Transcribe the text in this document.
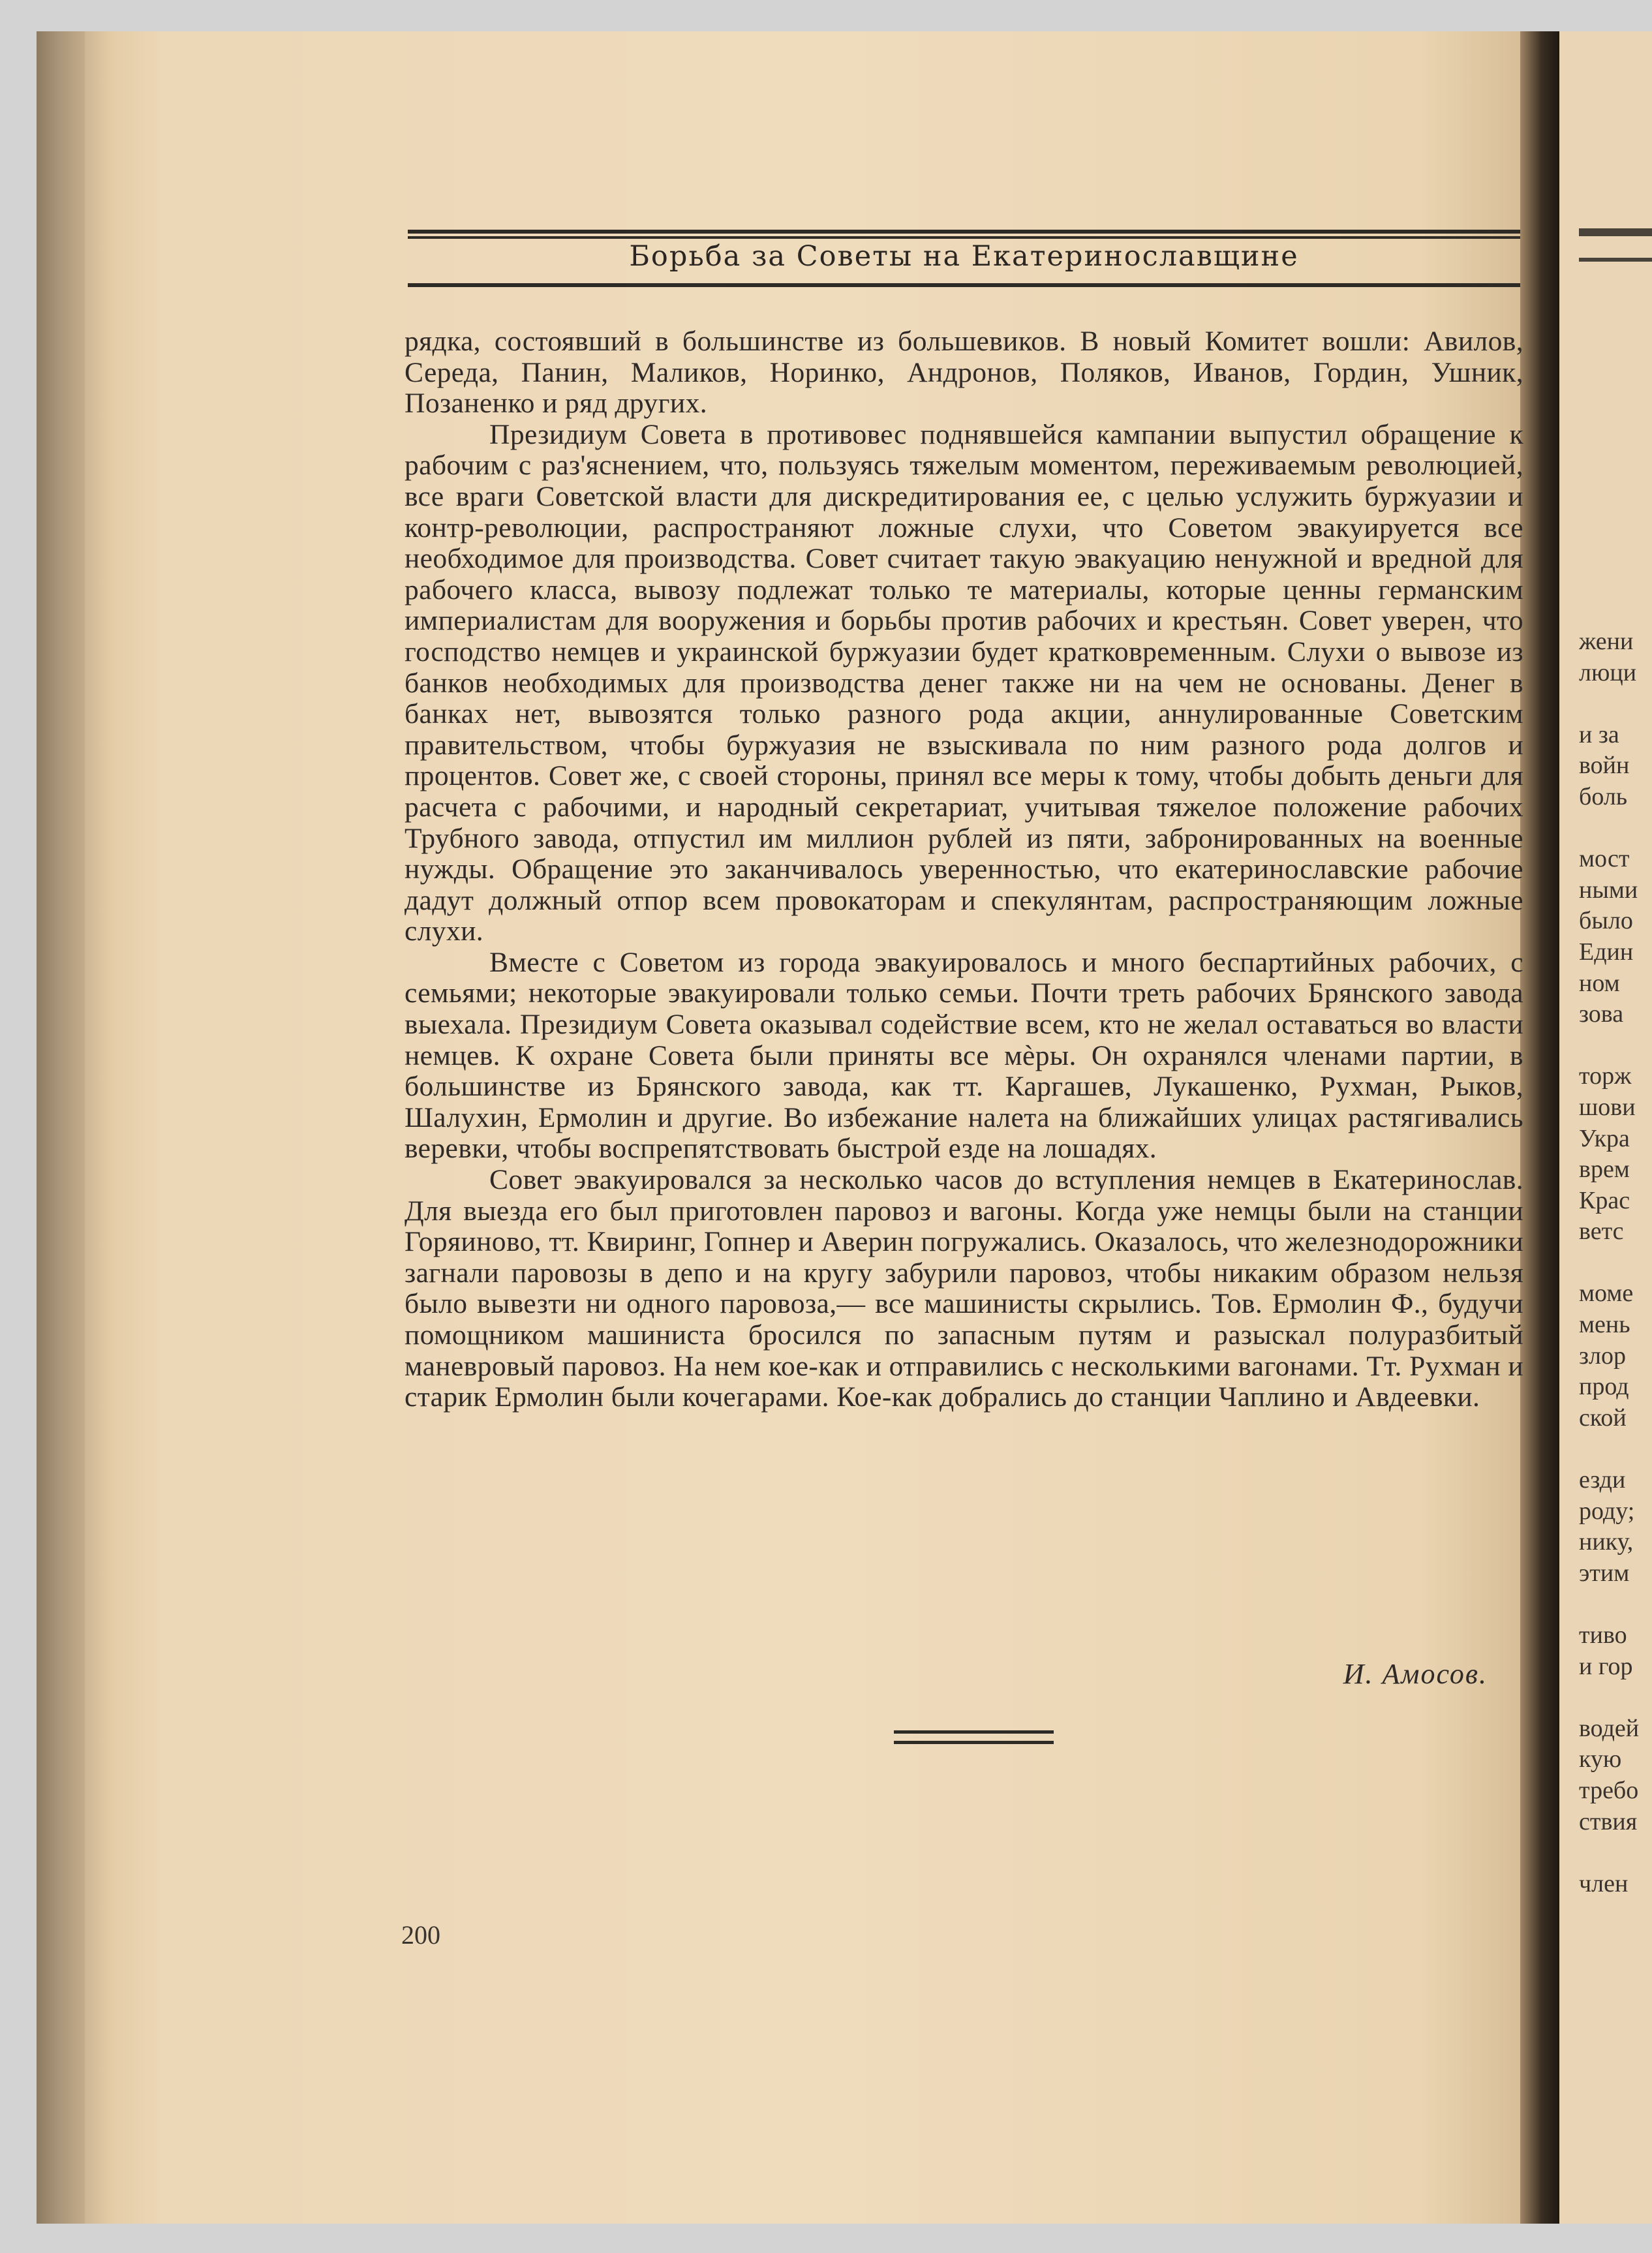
Борьба за Советы на Екатеринославщине

рядка, состоявший в большинстве из большевиков. В новый Комитет вошли: Авилов, Середа, Панин, Маликов, Норинко, Андронов, Поляков, Иванов, Гордин, Ушник, Позаненко и ряд других.

Президиум Совета в противовес поднявшейся кампании выпустил обращение к рабочим с раз'яснением, что, пользуясь тяжелым моментом, переживаемым революцией, все враги Советской власти для дискредитирования ее, с целью услужить буржуазии и контр-революции, распространяют ложные слухи, что Советом эвакуируется все необходимое для производства. Совет считает такую эвакуацию ненужной и вредной для рабочего класса, вывозу подлежат только те материалы, которые ценны германским империалистам для вооружения и борьбы против рабочих и крестьян. Совет уверен, что господство немцев и украинской буржуазии будет кратковременным. Слухи о вывозе из банков необходимых для производства денег также ни на чем не основаны. Денег в банках нет, вывозятся только разного рода акции, аннулированные Советским правительством, чтобы буржуазия не взыскивала по ним разного рода долгов и процентов. Совет же, с своей стороны, принял все меры к тому, чтобы добыть деньги для расчета с рабочими, и народный секретариат, учитывая тяжелое положение рабочих Трубного завода, отпустил им миллион рублей из пяти, забронированных на военные нужды. Обращение это заканчивалось уверенностью, что екатеринославские рабочие дадут должный отпор всем провокаторам и спекулянтам, распространяющим ложные слухи.

Вместе с Советом из города эвакуировалось и много беспартийных рабочих, с семьями; некоторые эвакуировали только семьи. Почти треть рабочих Брянского завода выехала. Президиум Совета оказывал содействие всем, кто не желал оставаться во власти немцев. К охране Совета были приняты все мѐры. Он охранялся членами партии, в большинстве из Брянского завода, как тт. Каргашев, Лукашенко, Рухман, Рыков, Шалухин, Ермолин и другие. Во избежание налета на ближайших улицах растягивались веревки, чтобы воспрепятствовать быстрой езде на лошадях.

Совет эвакуировался за несколько часов до вступления немцев в Екатеринослав. Для выезда его был приготовлен паровоз и вагоны. Когда уже немцы были на станции Горяиново, тт. Квиринг, Гопнер и Аверин погружались. Оказалось, что железнодорожники загнали паровозы в депо и на кругу забурили паровоз, чтобы никаким образом нельзя было вывезти ни одного паровоза,— все машинисты скрылись. Тов. Ермолин Ф., будучи помощником машиниста бросился по запасным путям и разыскал полуразбитый маневровый паровоз. На нем кое-как и отправились с несколькими вагонами. Тт. Рухман и старик Ермолин были кочегарами. Кое-как добрались до станции Чаплино и Авдеевки.

И. Амосов.
200
жени
люци
и за
войн
боль
мост
ными
было
Един
ном
зова
торж
шови
Укра
врем
Крас
ветс
моме
мень
злор
прод
ской
езди
роду;
нику,
этим
тиво
и гор
водей
кую
требо
ствия
член
